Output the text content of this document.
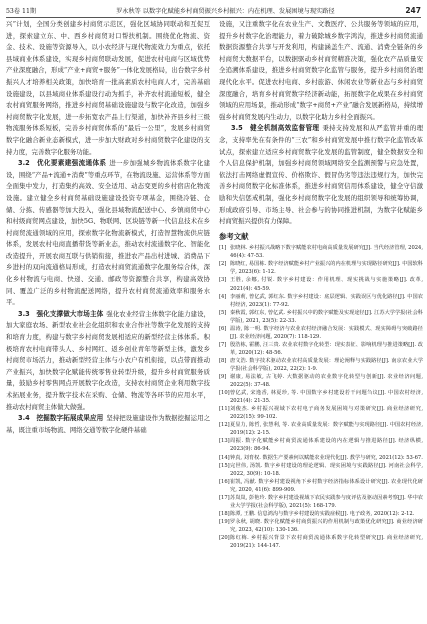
53卷 11期	罗永秋等 以数字化赋能乡村商贸振兴乡村振兴：内在机理、发展困境与现实路径	247

兴”计划，全国分类创建乡村商贸示范区，强化区域协同联动和互促互进，探索建立东、中、西乡村商贸对口帮扶机制。围绕优化物流、资金、技术、设施等资源导入，以小农经济与现代物流效力为重点，依托县域商业体系建设，实现乡村商贸联动发展，促进农村电商与区域优势产业深度融合，形成“产业+商贸+服务”一体化发展格局，出台数字乡村振兴人才培养相关政策，加快培育一批高素质农村电商人才，完善基础设施建设，以县域商业体系建设行动为抓手，补齐农村流通短板，健全农村商贸服务网络，推进乡村商贸基础设施建设与数字化改造，加强乡村商贸数字化发展，进一步拓宽农产品上行渠道，加快补齐县乡村三级物流服务体系短板，完善乡村商贸体系的“最后一公里”，发展乡村商贸数字化融合新业态新模式，进一步加大财政对乡村商贸数字化建设的支持力度，完善数字化服务功能。

3.2　优化要素建强流通体系 进一步加强城乡物流体系数字化建设，围绕“产品+流通+消费”等重点环节，在物流设施、运营体系等方面全面集中发力，打造集约高效、安全适用、动态变更的乡村宿店化物流设施。建立健全乡村商贸基础设施建设投资专项基金，围绕冷链、仓储、分拣、传感器等加大投入，强化县域物流配送中心、乡镇商贸中心和村级商贸网点建设，加快5G、物联网、区块链等新一代信息技术在乡村商贸流通领域的应用，探索数字化物流新模式，打造智慧物流供应链体系，发展农村电商直播带货等新业态，推动农村流通数字化、智能化改造提升，开展农商互联与供销衔接，推进农产品出村进城、消费品下乡进村的双向流通格局形成，打造农村商贸流通数字化服务综合体，深化乡村物流与电商、快递、交通、邮政等资源整合共享，构建高效协同、覆盖广泛的乡村物流配送网络，提升农村商贸流通效率和服务水平。

3.3　强化支撑做大市场主体 强化农业经营主体数字化能力建设，加大家庭农场、新型农业社会化组织和农业合作社等数字化发展的支持和培育力度，构建与数字乡村商贸发展相适应的新型经营主体体系。积极培育农村电商带头人、乡村网红、返乡创业青年等新型主体，激发乡村商贸市场活力，推动新型经营主体与小农户有机衔接，以点带面推动产业振兴，加快数字化赋能传统零售业转型升级，提升乡村商贸服务质量，鼓励乡村零售网点开展数字化改造，支持农村商贸企业利用数字技术拓展业务，提升数字技术在采购、仓储、物流等各环节的应用水平，推动农村商贸主体做大做强。

3.4　挖掘数字拓展成果应用 坚持把设施建设作为数据挖掘运用之基，既注重市场物流、网络交通等数字化硬件基础

设施，又注重数字化在农业生产、文教医疗、公共服务等领域的应用，提升乡村数字化治理能力，着力破除城乡数字鸿沟，推进乡村商贸流通数据资源整合共享与开发利用，构建涵盖生产、流通、消费全链条的乡村商贸大数据平台，以数据驱动乡村商贸精准决策，强化农产品质量安全追溯体系建设，推进乡村商贸数字化监管与服务，提升乡村商贸治理现代化水平。促进农村电商、乡村旅游、休闲农业等新业态与乡村商贸深度融合，培育乡村商贸数字经济新动能，拓展数字化成果在乡村商贸领域的应用场景，推动形成“数字+商贸+产业”融合发展新格局，持续增强乡村商贸发展内生动力，以数字化助力乡村全面振兴。

3.5　健全机制高效监督管理 秉持支持发展和从严监管并重的理念，支持率先在有条件的“三农”和乡村商贸发展中推行数字化监管改革试点，探索建立适应乡村商贸数字化发展的监管制度，健全数据安全和个人信息保护机制，加强乡村商贸领域网络安全监测预警与应急处置，依法打击网络虚假宣传、价格欺诈、假冒伪劣等违法违规行为，加快完善乡村商贸数字化标准体系，推进乡村商贸信用体系建设，健全守信激励和失信惩戒机制，强化乡村商贸数字化发展的组织领导和统筹协调，形成政府引导、市场主导、社会参与的协同推进机制，为数字化赋能乡村商贸振兴提供有力保障。

参考文献
[1] 张晓林. 乡村振兴战略下数字赋能农村电商高质量发展研究[J]. 当代经济管理, 2024, 46(4): 47-53.
[2] 陈晓红, 易国栋. 数字经济赋能乡村产业振兴的内在机理与实现路径研究[J]. 中国软科学, 2023(6): 1-12.
[3] 王胜, 余娜, 付锐. 数字乡村建设：作用机理、现实挑战与实施策略[J]. 改革, 2021(4): 45-59.
[4] 李丽莉, 曾亿武, 郭红东. 数字乡村建设：底层逻辑、实践误区与优化路径[J]. 中国农村经济, 2023(1): 77-92.
[5] 秦秋霞, 郭红东, 曾亿武. 乡村振兴中的数字赋能及实现途径[J]. 江苏大学学报(社会科学版), 2021, 23(5): 22-33.
[6] 温涛, 陈一明. 数字经济与农业农村经济融合发展：实践模式、现实障碍与突破路径[J]. 农业经济问题, 2020(7): 118-129.
[7] 殷浩栋, 霍鹏, 汪三贵. 农业农村数字化转型：现实表征、影响机理与推进策略[J]. 改革, 2020(12): 48-56.
[8] 唐文浩. 数字技术驱动农业农村高质量发展：理论阐释与实践路径[J]. 南京农业大学学报(社会科学版), 2022, 22(2): 1-9.
[9] 谢康, 易法敏, 古飞婷. 大数据驱动的农业数字化转型与创新[J]. 农业经济问题, 2022(5): 37-48.
[10] 曾亿武, 宋逸香, 林夏珍, 等. 中国数字乡村建设若干问题刍议[J]. 中国农村经济, 2021(4): 21-35.
[11] 刘俊杰. 乡村振兴视域下农村电子商务发展困境与对策研究[J]. 商业经济研究, 2022(15): 99-102.
[12] 夏显力, 陈哲, 张慧利, 等. 农业高质量发展：数字赋能与实现路径[J]. 中国农村经济, 2019(12): 2-15.
[13] 周振. 数字化赋能乡村商贸流通体系建设的内在逻辑与推进路径[J]. 经济纵横, 2023(9): 86-94.
[14] 钟真, 刘育权. 数据生产要素何以赋能农业现代化[J]. 教学与研究, 2021(12): 53-67.
[15] 完世伟, 汤凯. 数字乡村建设的理论逻辑、现实困境与实践路径[J]. 河南社会科学, 2022, 30(9): 10-18.
[16] 崔凯, 冯献. 数字乡村建设视角下乡村数字经济指标体系设计研究[J]. 农业现代化研究, 2020, 41(6): 899-909.
[17] 苏岚岚, 彭艳玲. 数字乡村建设视域下农民实践参与度评估及驱动因素考察[J]. 华中农业大学学报(社会科学版), 2021(5): 168-179.
[18] 陈潭, 王鹏. 信息鸿沟与数字乡村建设的实践症候[J]. 电子政务, 2020(12): 2-12.
[19] 罗永秋, 胡晓. 数字化赋能乡村商贸振兴的作用机制与政策优化研究[J]. 商业经济研究, 2023, 42(10): 130-136.
[20] 陈红梅. 乡村振兴背景下农村商贸流通体系数字化转型研究[J]. 商业经济研究, 2019(21): 144-147.
